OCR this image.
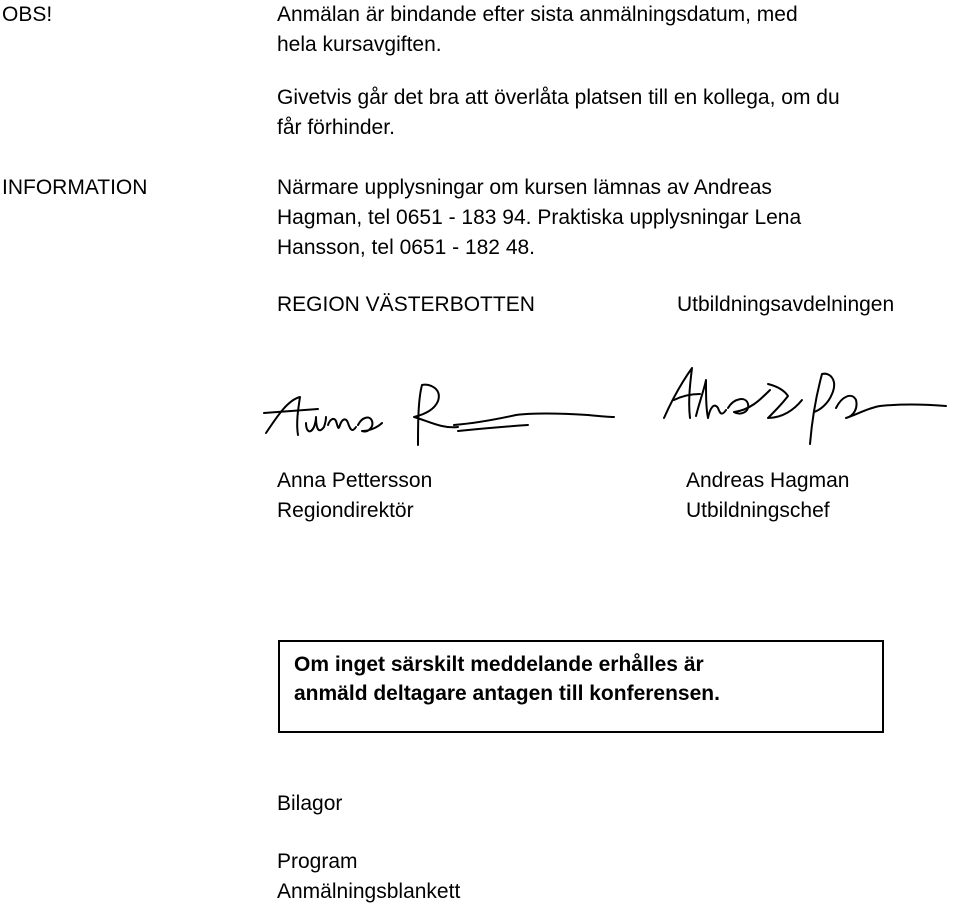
OBS!	Anmälan är bindande efter sista anmälningsdatum, med
hela kursavgiften.
Givetvis går det bra att överlåta platsen till en kollega, om du
får förhinder.
INFORMATION	Närmare upplysningar om kursen lämnas av Andreas
Hagman, tel 0651 - 183 94. Praktiska upplysningar Lena
Hansson, tel 0651 - 182 48.
REGION VÄSTERBOTTEN	Utbildningsavdelningen
Anna Pettersson
Regiondirektör
Andreas Hagman
Utbildningschef
Om inget särskilt meddelande erhålles är
anmäld deltagare antagen till konferensen.
Bilagor
Program
Anmälningsblankett
